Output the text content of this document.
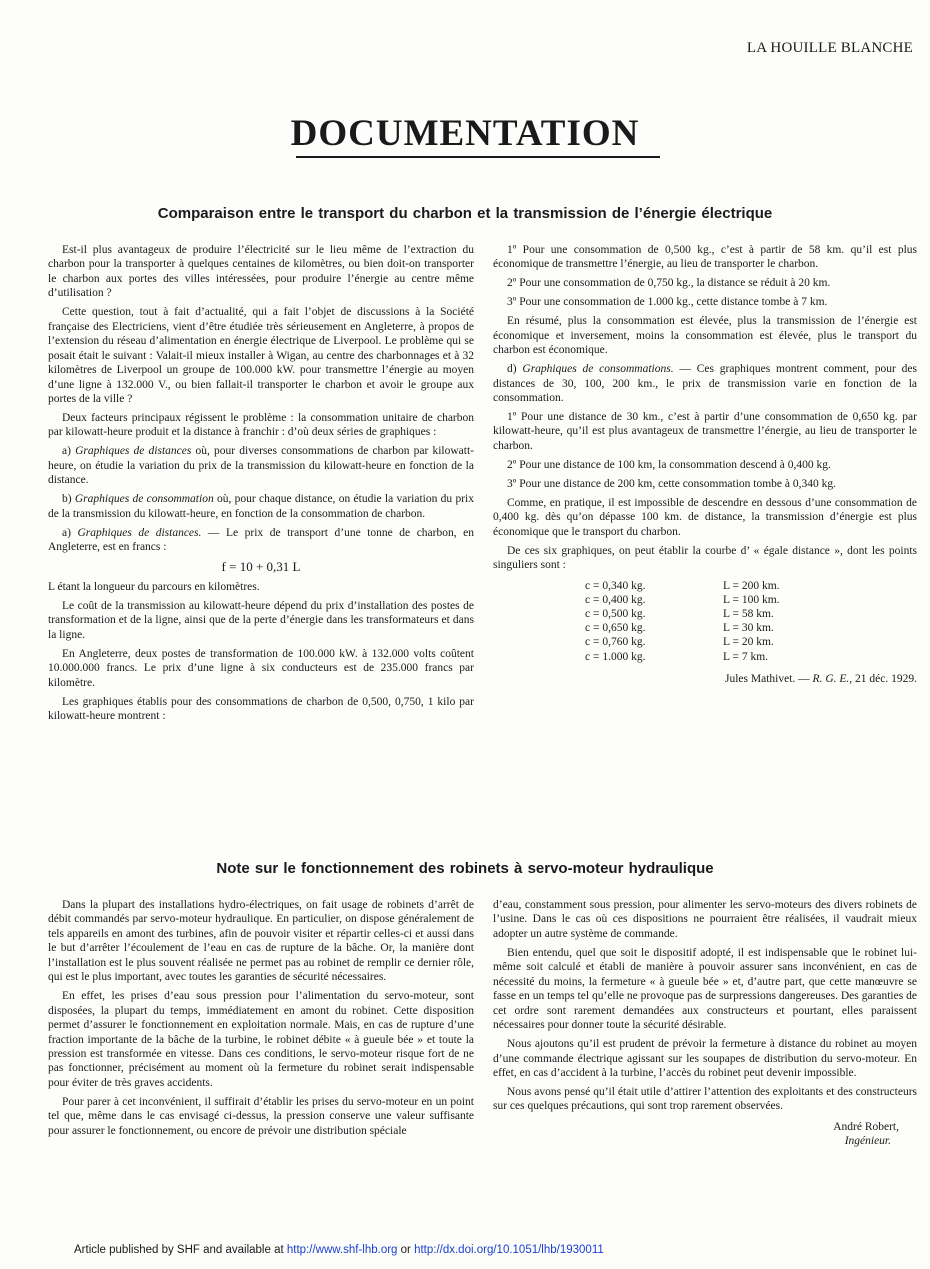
LA HOUILLE BLANCHE
DOCUMENTATION
Comparaison entre le transport du charbon et la transmission de l’énergie électrique

Est-il plus avantageux de produire l’électricité sur le lieu même de l’extraction du charbon pour la transporter à quelques centaines de kilomètres, ou bien doit-on transporter le charbon aux portes des villes intéressées, pour produire l’énergie au centre même d’utilisation ?

Cette question, tout à fait d’actualité, qui a fait l’objet de discussions à la Société française des Electriciens, vient d’être étudiée très sérieusement en Angleterre, à propos de l’extension du réseau d’alimentation en énergie électrique de Liverpool. Le problème qui se posait était le suivant : Valait-il mieux installer à Wigan, au centre des charbonnages et à 32 kilomètres de Liverpool un groupe de 100.000 kW. pour transmettre l’énergie au moyen d’une ligne à 132.000 V., ou bien fallait-il transporter le charbon et avoir le groupe aux portes de la ville ?

Deux facteurs principaux régissent le problème : la consommation unitaire de charbon par kilowatt-heure produit et la distance à franchir : d’où deux séries de graphiques :

a) Graphiques de distances où, pour diverses consommations de charbon par kilowatt-heure, on étudie la variation du prix de la transmission du kilowatt-heure en fonction de la distance.

b) Graphiques de consommation où, pour chaque distance, on étudie la variation du prix de la transmission du kilowatt-heure, en fonction de la consommation de charbon.

a) Graphiques de distances. — Le prix de transport d’une tonne de charbon, en Angleterre, est en francs :

f = 10 + 0,31 L

L étant la longueur du parcours en kilomètres.

Le coût de la transmission au kilowatt-heure dépend du prix d’installation des postes de transformation et de la ligne, ainsi que de la perte d’énergie dans les transformateurs et dans la ligne.

En Angleterre, deux postes de transformation de 100.000 kW. à 132.000 volts coûtent 10.000.000 francs. Le prix d’une ligne à six conducteurs est de 235.000 francs par kilomètre.

Les graphiques établis pour des consommations de charbon de 0,500, 0,750, 1 kilo par kilowatt-heure montrent :

1º Pour une consommation de 0,500 kg., c’est à partir de 58 km. qu’il est plus économique de transmettre l’énergie, au lieu de transporter le charbon.

2º Pour une consommation de 0,750 kg., la distance se réduit à 20 km.

3º Pour une consommation de 1.000 kg., cette distance tombe à 7 km.

En résumé, plus la consommation est élevée, plus la transmission de l’énergie est économique et inversement, moins la consommation est élevée, plus le transport du charbon est économique.

d) Graphiques de consommations. — Ces graphiques montrent comment, pour des distances de 30, 100, 200 km., le prix de transmission varie en fonction de la consommation.

1º Pour une distance de 30 km., c’est à partir d’une consommation de 0,650 kg. par kilowatt-heure, qu’il est plus avantageux de transmettre l’énergie, au lieu de transporter le charbon.

2º Pour une distance de 100 km, la consommation descend à 0,400 kg.

3º Pour une distance de 200 km, cette consommation tombe à 0,340 kg.

Comme, en pratique, il est impossible de descendre en dessous d’une consommation de 0,400 kg. dès qu’on dépasse 100 km. de distance, la transmission d’énergie est plus économique que le transport du charbon.

De ces six graphiques, on peut établir la courbe d’ « égale distance », dont les points singuliers sont :

c = 0,340 kg.	L = 200 km.
c = 0,400 kg.	L = 100 km.
c = 0,500 kg.	L = 58 km.
c = 0,650 kg.	L = 30 km.
c = 0,760 kg.	L = 20 km.
c = 1.000 kg.	L = 7 km.

Jules Mathivet. — R. G. E., 21 déc. 1929.

Note sur le fonctionnement des robinets à servo-moteur hydraulique

Dans la plupart des installations hydro-électriques, on fait usage de robinets d’arrêt de débit commandés par servo-moteur hydraulique. En particulier, on dispose généralement de tels appareils en amont des turbines, afin de pouvoir visiter et répartir celles-ci et aussi dans le but d’arrêter l’écoulement de l’eau en cas de rupture de la bâche. Or, la manière dont l’installation est le plus souvent réalisée ne permet pas au robinet de remplir ce dernier rôle, qui est le plus important, avec toutes les garanties de sécurité nécessaires.

En effet, les prises d’eau sous pression pour l’alimentation du servo-moteur, sont disposées, la plupart du temps, immédiatement en amont du robinet. Cette disposition permet d’assurer le fonctionnement en exploitation normale. Mais, en cas de rupture d’une fraction importante de la bâche de la turbine, le robinet débite « à gueule bée » et toute la pression est transformée en vitesse. Dans ces conditions, le servo-moteur risque fort de ne pas fonctionner, précisément au moment où la fermeture du robinet serait indispensable pour éviter de très graves accidents.

Pour parer à cet inconvénient, il suffirait d’établir les prises du servo-moteur en un point tel que, même dans le cas envisagé ci-dessus, la pression conserve une valeur suffisante pour assurer le fonctionnement, ou encore de prévoir une distribution spéciale

d’eau, constamment sous pression, pour alimenter les servo-moteurs des divers robinets de l’usine. Dans le cas où ces dispositions ne pourraient être réalisées, il vaudrait mieux adopter un autre système de commande.

Bien entendu, quel que soit le dispositif adopté, il est indispensable que le robinet lui-même soit calculé et établi de manière à pouvoir assurer sans inconvénient, en cas de nécessité du moins, la fermeture « à gueule bée » et, d’autre part, que cette manœuvre se fasse en un temps tel qu’elle ne provoque pas de surpressions dangereuses. Des garanties de cet ordre sont rarement demandées aux constructeurs et pourtant, elles paraissent nécessaires pour donner toute la sécurité désirable.

Nous ajoutons qu’il est prudent de prévoir la fermeture à distance du robinet au moyen d’une commande électrique agissant sur les soupapes de distribution du servo-moteur. En effet, en cas d’accident à la turbine, l’accès du robinet peut devenir impossible.

Nous avons pensé qu’il était utile d’attirer l’attention des exploitants et des constructeurs sur ces quelques précautions, qui sont trop rarement observées.

André Robert,

Ingénieur.

Article published by SHF and available at http://www.shf-lhb.org or http://dx.doi.org/10.1051/lhb/1930011
